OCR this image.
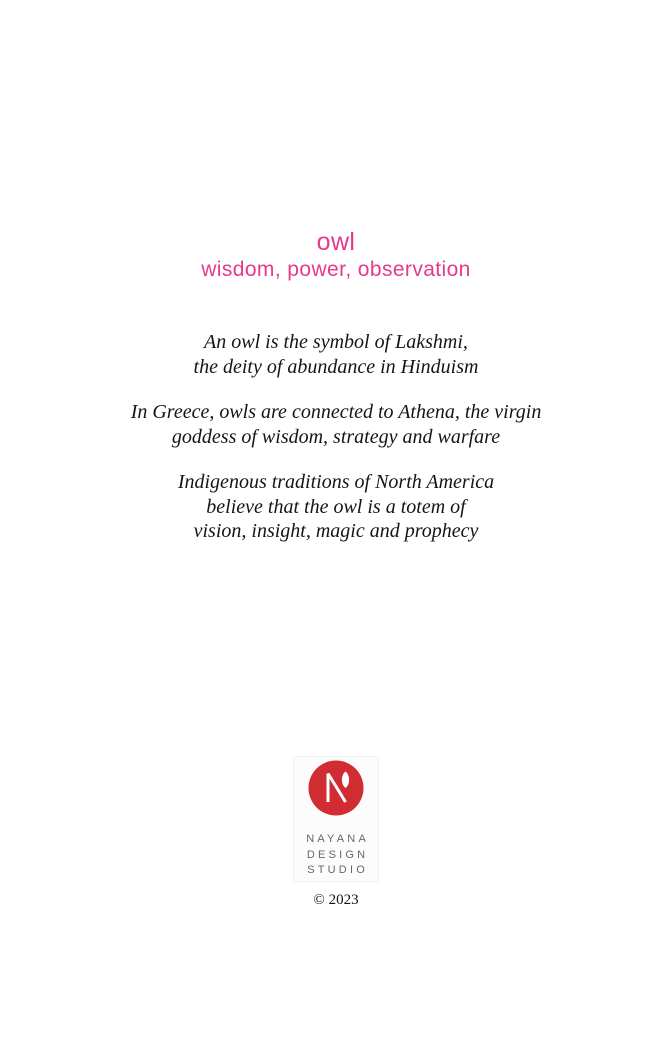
owl
wisdom, power, observation

An owl is the symbol of Lakshmi,
the deity of abundance in Hinduism

In Greece, owls are connected to Athena, the virgin
goddess of wisdom, strategy and warfare

Indigenous traditions of North America
believe that the owl is a totem of
vision, insight, magic and prophecy

NAYANA
DESIGN
STUDIO
© 2023
